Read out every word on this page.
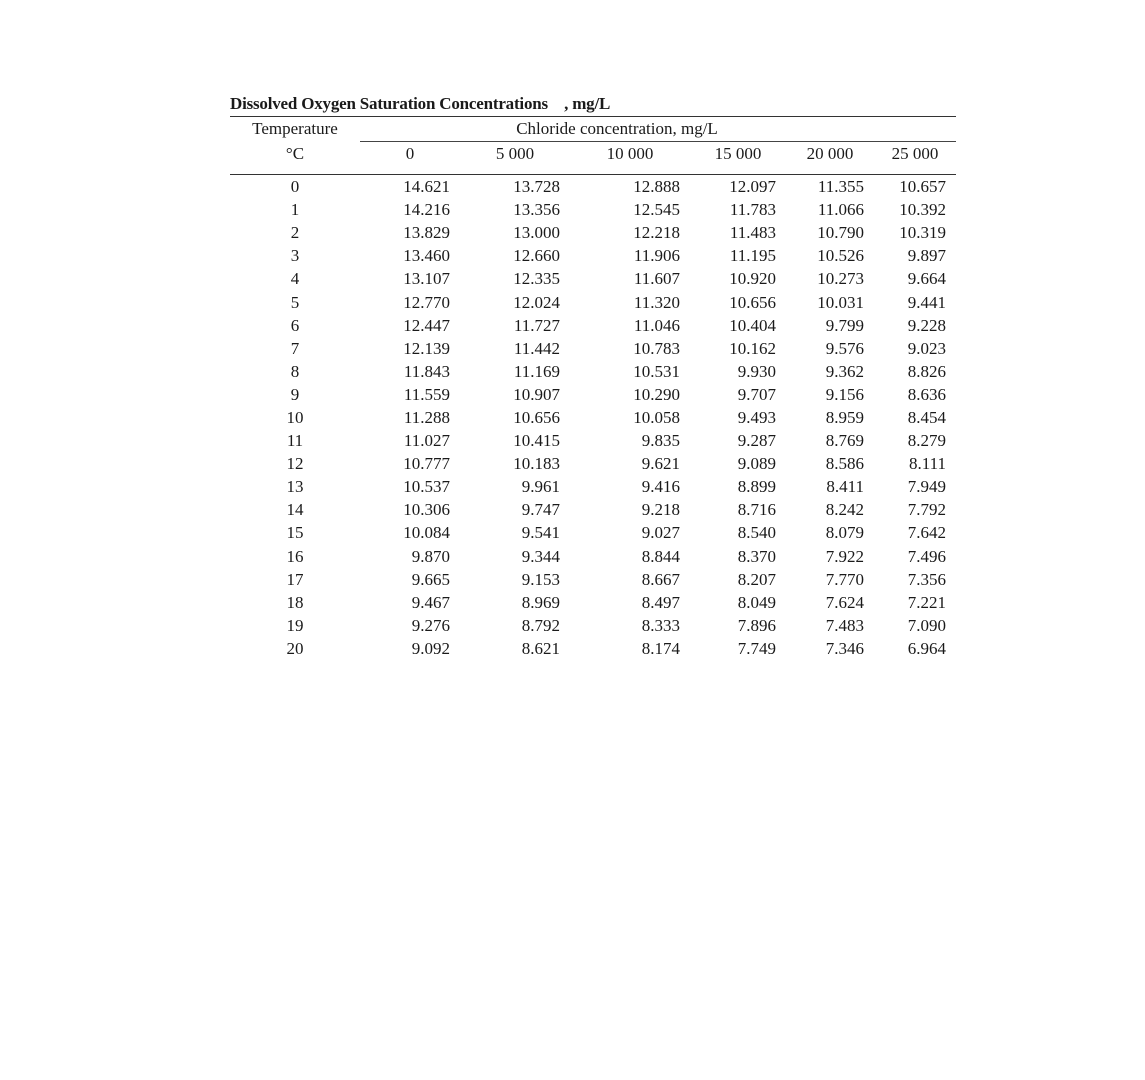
Dissolved Oxygen Saturation Concentrations    , mg/L
Temperature	Chloride concentration, mg/L					
°C	0	5 000	10 000	15 000	20 000	25 000
0	14.621	13.728	12.888	12.097	11.355	10.657
1	14.216	13.356	12.545	11.783	11.066	10.392
2	13.829	13.000	12.218	11.483	10.790	10.319
3	13.460	12.660	11.906	11.195	10.526	9.897
4	13.107	12.335	11.607	10.920	10.273	9.664
5	12.770	12.024	11.320	10.656	10.031	9.441
6	12.447	11.727	11.046	10.404	9.799	9.228
7	12.139	11.442	10.783	10.162	9.576	9.023
8	11.843	11.169	10.531	9.930	9.362	8.826
9	11.559	10.907	10.290	9.707	9.156	8.636
10	11.288	10.656	10.058	9.493	8.959	8.454
11	11.027	10.415	9.835	9.287	8.769	8.279
12	10.777	10.183	9.621	9.089	8.586	8.111
13	10.537	9.961	9.416	8.899	8.411	7.949
14	10.306	9.747	9.218	8.716	8.242	7.792
15	10.084	9.541	9.027	8.540	8.079	7.642
16	9.870	9.344	8.844	8.370	7.922	7.496
17	9.665	9.153	8.667	8.207	7.770	7.356
18	9.467	8.969	8.497	8.049	7.624	7.221
19	9.276	8.792	8.333	7.896	7.483	7.090
20	9.092	8.621	8.174	7.749	7.346	6.964
